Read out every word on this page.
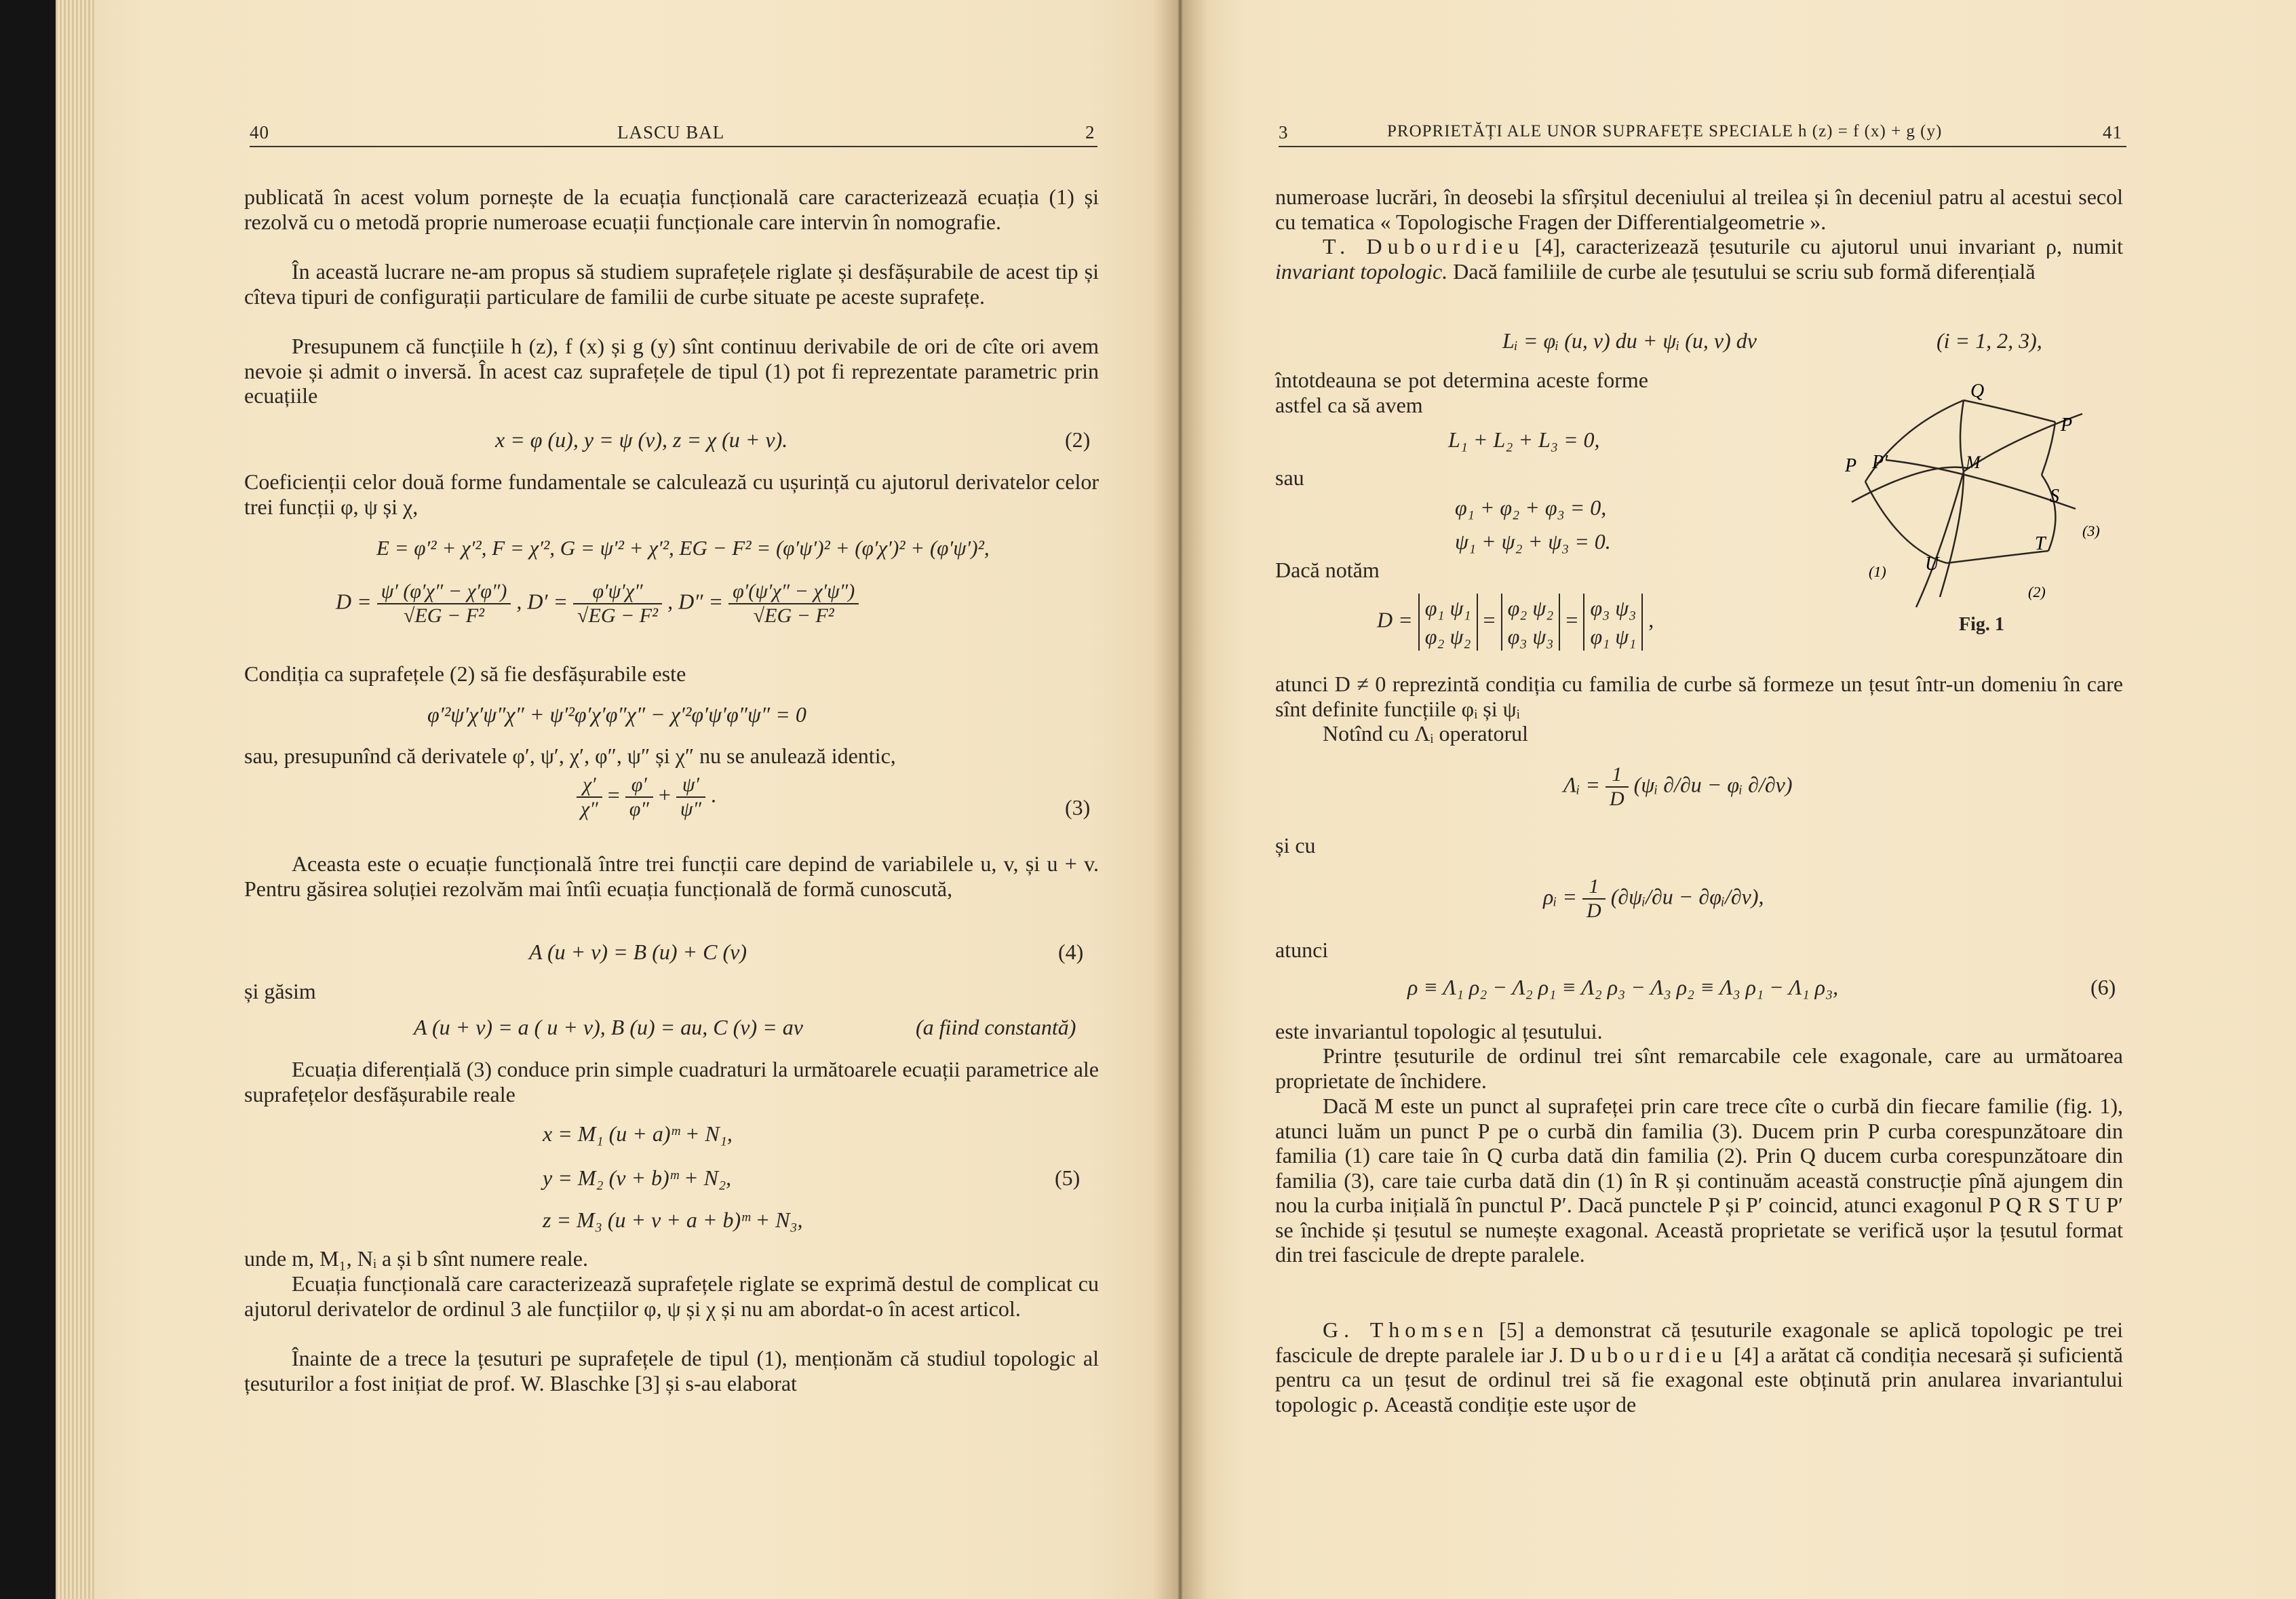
40	LASCU BAL	2
publicată în acest volum pornește de la ecuația funcțională care caracterizează ecuația (1) și rezolvă cu o metodă proprie numeroase ecuații funcționale care intervin în nomografie.
În această lucrare ne-am propus să studiem suprafețele riglate și desfășurabile de acest tip și cîteva tipuri de configurații particulare de familii de curbe situate pe aceste suprafețe.
Presupunem că funcțiile h (z), f (x) și g (y) sînt continuu derivabile de ori de cîte ori avem nevoie și admit o inversă. În acest caz suprafețele de tipul (1) pot fi reprezentate parametric prin ecuațiile
x = φ (u), y = ψ (v), z = χ (u + v).	(2)
Coeficienții celor două forme fundamentale se calculează cu ușurință cu ajutorul derivatelor celor trei funcții φ, ψ și χ,
E = φ′² + χ′², F = χ′², G = ψ′² + χ′², EG − F² = (φ′ψ′)² + (φ′χ′)² + (φ′ψ′)²,
$D = \frac{\psi' (\varphi'\chi'' - \chi'\varphi'')}{\text{√EG − F²}}$ , $D' = \frac{\varphi'\psi'\chi''}{\text{√EG − F²}}$ , $D'' = \frac{\varphi'(\psi'\chi'' - \chi'\psi'')}{\text{√EG − F²}}$
Condiția ca suprafețele (2) să fie desfășurabile este
φ′²ψ′χ′ψ″χ″ + ψ′²φ′χ′φ″χ″ − χ′²φ′ψ′φ″ψ″ = 0
sau, presupunînd că derivatele φ′, ψ′, χ′, φ″, ψ″ și χ″ nu se anulează identic,
$\frac{\chi'}{\chi''} = \frac{\varphi'}{\varphi''} + \frac{\psi'}{\psi''}$ .
(3)
Aceasta este o ecuație funcțională între trei funcții care depind de variabilele u, v, și u + v. Pentru găsirea soluției rezolvăm mai întîi ecuația funcțională de formă cunoscută,
A (u + v) = B (u) + C (v)	(4)
și găsim
A (u + v) = a ( u + v), B (u) = au, C (v) = av	(a fiind constantă)
Ecuația diferențială (3) conduce prin simple cuadraturi la următoarele ecuații parametrice ale suprafețelor desfășurabile reale
x = M₁ (u + a)ᵐ + N₁,
y = M₂ (v + b)ᵐ + N₂,
z = M₃ (u + v + a + b)ᵐ + N₃,
(5)
unde m, M₁, Nᵢ a și b sînt numere reale.
Ecuația funcțională care caracterizează suprafețele riglate se exprimă destul de complicat cu ajutorul derivatelor de ordinul 3 ale funcțiilor φ, ψ și χ și nu am abordat-o în acest articol.
Înainte de a trece la țesuturi pe suprafețele de tipul (1), menționăm că studiul topologic al țesuturilor a fost inițiat de prof. W. Blaschke [3] și s-au elaborat
3	PROPRIETĂȚI ALE UNOR SUPRAFEȚE SPECIALE h (z) = f (x) + g (y)	41
numeroase lucrări, în deosebi la sfîrșitul deceniului al treilea și în deceniul patru al acestui secol cu tematica « Topologische Fragen der Differentialgeometrie ».
T. Dubourdieu [4], caracterizează țesuturile cu ajutorul unui invariant ρ, numit invariant topologic. Dacă familiile de curbe ale țesutului se scriu sub formă diferențială
Lᵢ = φᵢ (u, v) du + ψᵢ (u, v) dv	(i = 1, 2, 3),
întotdeauna se pot determina aceste forme astfel ca să avem
L₁ + L₂ + L₃ = 0,
sau
φ₁ + φ₂ + φ₃ = 0,
ψ₁ + ψ₂ + ψ₃ = 0.
Dacă notăm
D = φ₁ ψ₁
φ₂ ψ₂ = φ₂ ψ₂
φ₃ ψ₃ = φ₃ ψ₃
φ₁ ψ₁ ,
Q
P
P′
P	M
S
T
U
(1)
(2)
(3)
Fig. 1
atunci D ≠ 0 reprezintă condiția cu familia de curbe să formeze un țesut într-un domeniu în care sînt definite funcțiile φᵢ și ψᵢ
Notînd cu Λᵢ operatorul
Λᵢ = $\frac{1}{D}$ (ψᵢ ∂/∂u − φᵢ ∂/∂v)
și cu
ρᵢ = $\frac{1}{D}$ (∂ψᵢ/∂u − ∂φᵢ/∂v),
atunci
ρ ≡ Λ₁ ρ₂ − Λ₂ ρ₁ ≡ Λ₂ ρ₃ − Λ₃ ρ₂ ≡ Λ₃ ρ₁ − Λ₁ ρ₃,	(6)
este invariantul topologic al țesutului.
Printre țesuturile de ordinul trei sînt remarcabile cele exagonale, care au următoarea proprietate de închidere.
Dacă M este un punct al suprafeței prin care trece cîte o curbă din fiecare familie (fig. 1), atunci luăm un punct P pe o curbă din familia (3). Ducem prin P curba corespunzătoare din familia (1) care taie în Q curba dată din familia (2). Prin Q ducem curba corespunzătoare din familia (3), care taie curba dată din (1) în R și continuăm această construcție pînă ajungem din nou la curba inițială în punctul P′. Dacă punctele P și P′ coincid, atunci exagonul P Q R S T U P′ se închide și țesutul se numește exagonal. Această proprietate se verifică ușor la țesutul format din trei fascicule de drepte paralele.
G. Thomsen [5] a demonstrat că țesuturile exagonale se aplică topologic pe trei fascicule de drepte paralele iar J. Dubourdieu [4] a arătat că condiția necesară și suficientă pentru ca un țesut de ordinul trei să fie exagonal este obținută prin anularea invariantului topologic ρ. Această condiție este ușor de
